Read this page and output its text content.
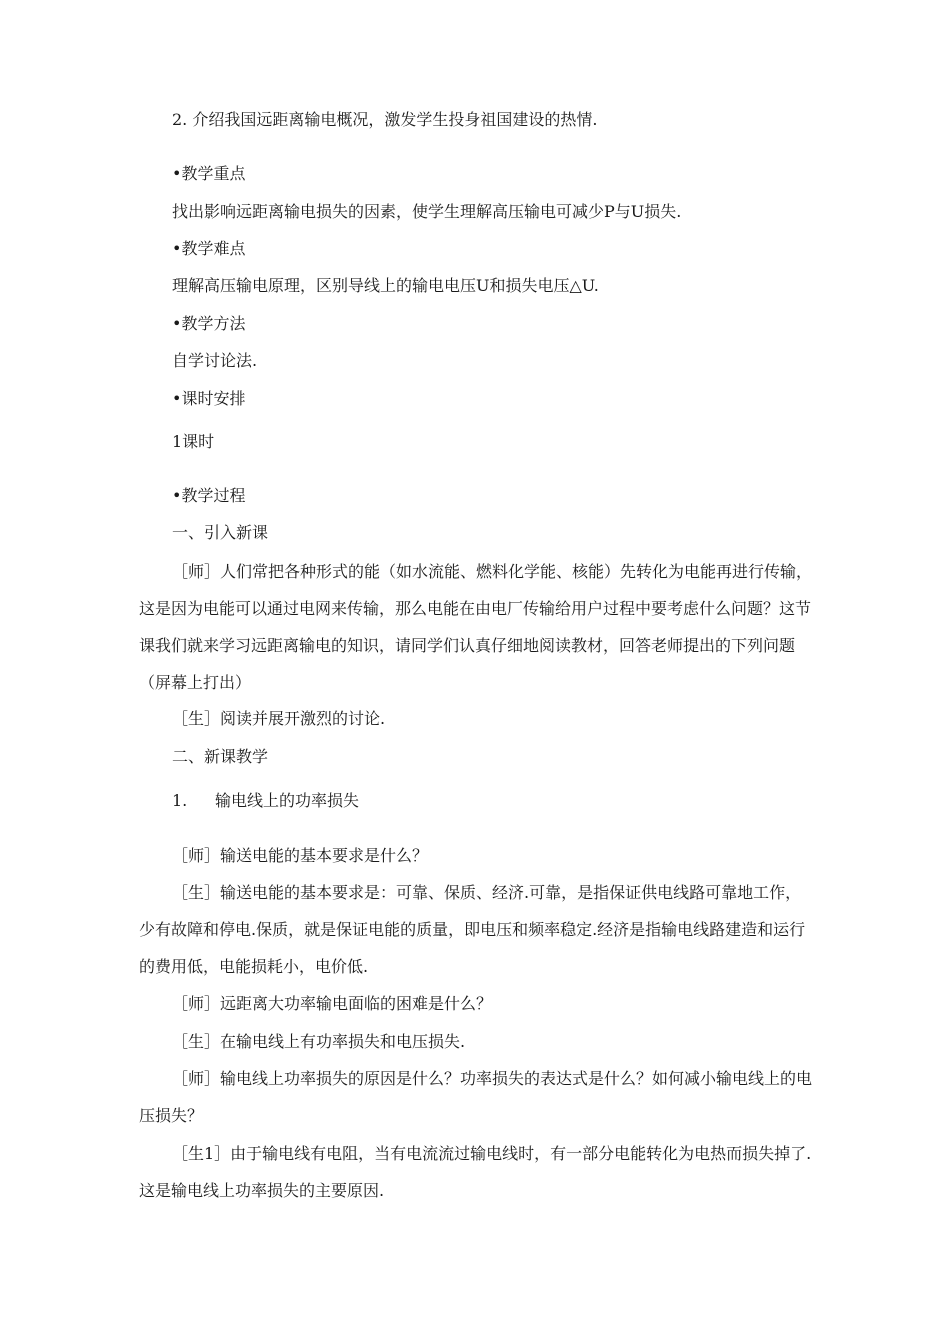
2. 介绍我国远距离输电概况，激发学生投身祖国建设的热情.
•教学重点
找出影响远距离输电损失的因素，使学生理解高压输电可减少P与U损失.
•教学难点
理解高压输电原理，区别导线上的输电电压U和损失电压△U.
•教学方法
自学讨论法.
•课时安排
1课时
•教学过程
一、引入新课
［师］人们常把各种形式的能（如水流能、燃料化学能、核能）先转化为电能再进行传输，这是因为电能可以通过电网来传输，那么电能在由电厂传输给用户过程中要考虑什么问题？这节课我们就来学习远距离输电的知识，请同学们认真仔细地阅读教材，回答老师提出的下列问题（屏幕上打出）
［生］阅读并展开激烈的讨论.
二、新课教学
1. 输电线上的功率损失
［师］输送电能的基本要求是什么？
［生］输送电能的基本要求是：可靠、保质、经济.可靠，是指保证供电线路可靠地工作，少有故障和停电.保质，就是保证电能的质量，即电压和频率稳定.经济是指输电线路建造和运行的费用低，电能损耗小，电价低.
［师］远距离大功率输电面临的困难是什么？
［生］在输电线上有功率损失和电压损失.
［师］输电线上功率损失的原因是什么？功率损失的表达式是什么？如何减小输电线上的电压损失？
［生1］由于输电线有电阻，当有电流流过输电线时，有一部分电能转化为电热而损失掉了.这是输电线上功率损失的主要原因.
